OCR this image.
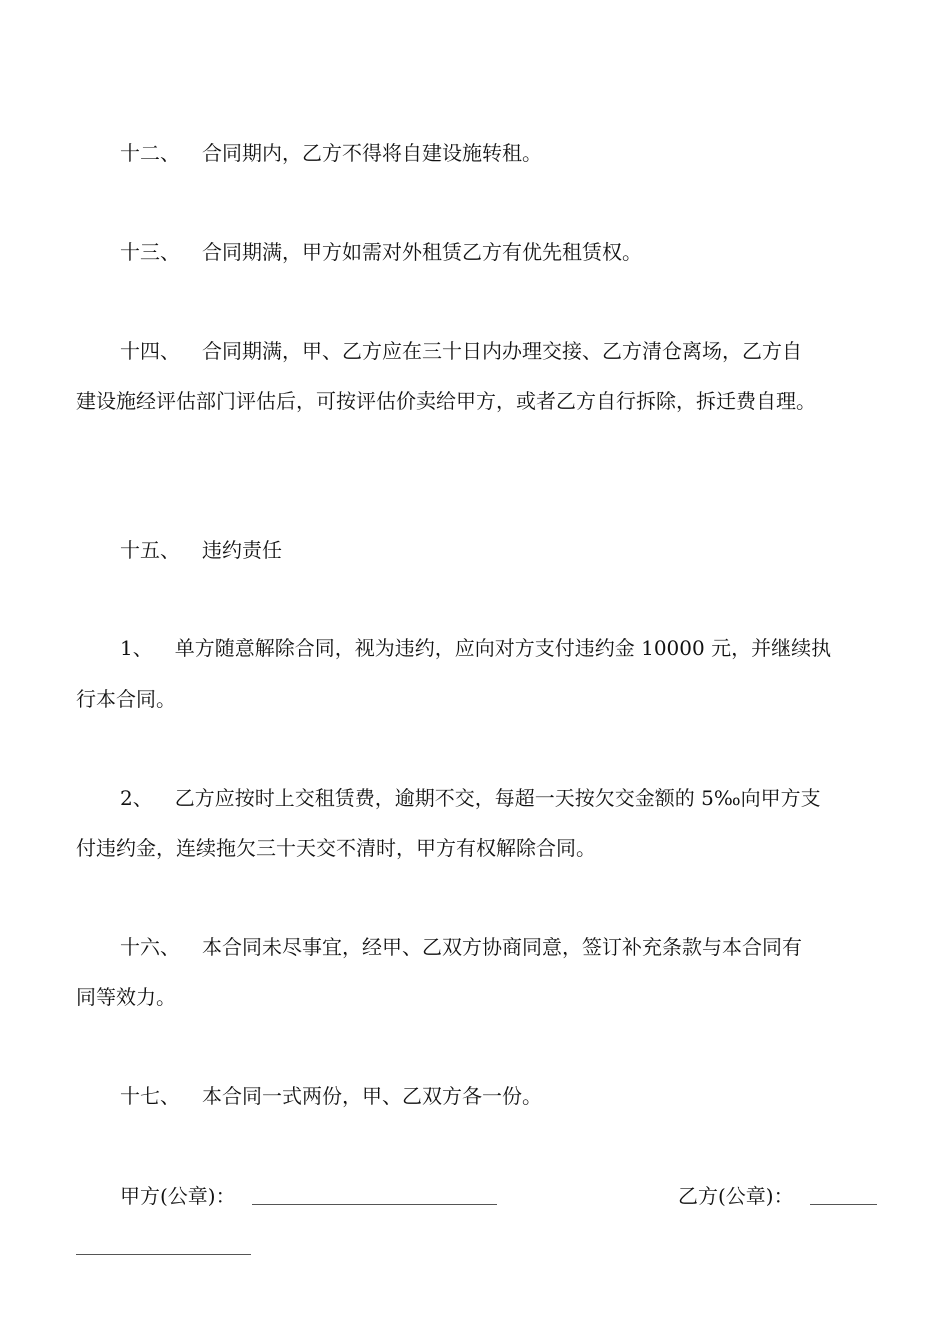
十二、 合同期内，乙方不得将自建设施转租。
十三、 合同期满，甲方如需对外租赁乙方有优先租赁权。
十四、 合同期满，甲、乙方应在三十日内办理交接、乙方清仓离场，乙方自
建设施经评估部门评估后，可按评估价卖给甲方，或者乙方自行拆除，拆迁费自理。
十五、 违约责任
1、 单方随意解除合同，视为违约，应向对方支付违约金 10000 元，并继续执
行本合同。
2、 乙方应按时上交租赁费，逾期不交，每超一天按欠交金额的 5‰向甲方支
付违约金，连续拖欠三十天交不清时，甲方有权解除合同。
十六、 本合同未尽事宜，经甲、乙双方协商同意，签订补充条款与本合同有
同等效力。
十七、 本合同一式两份，甲、乙双方各一份。
甲方(公章)：	乙方(公章)：
